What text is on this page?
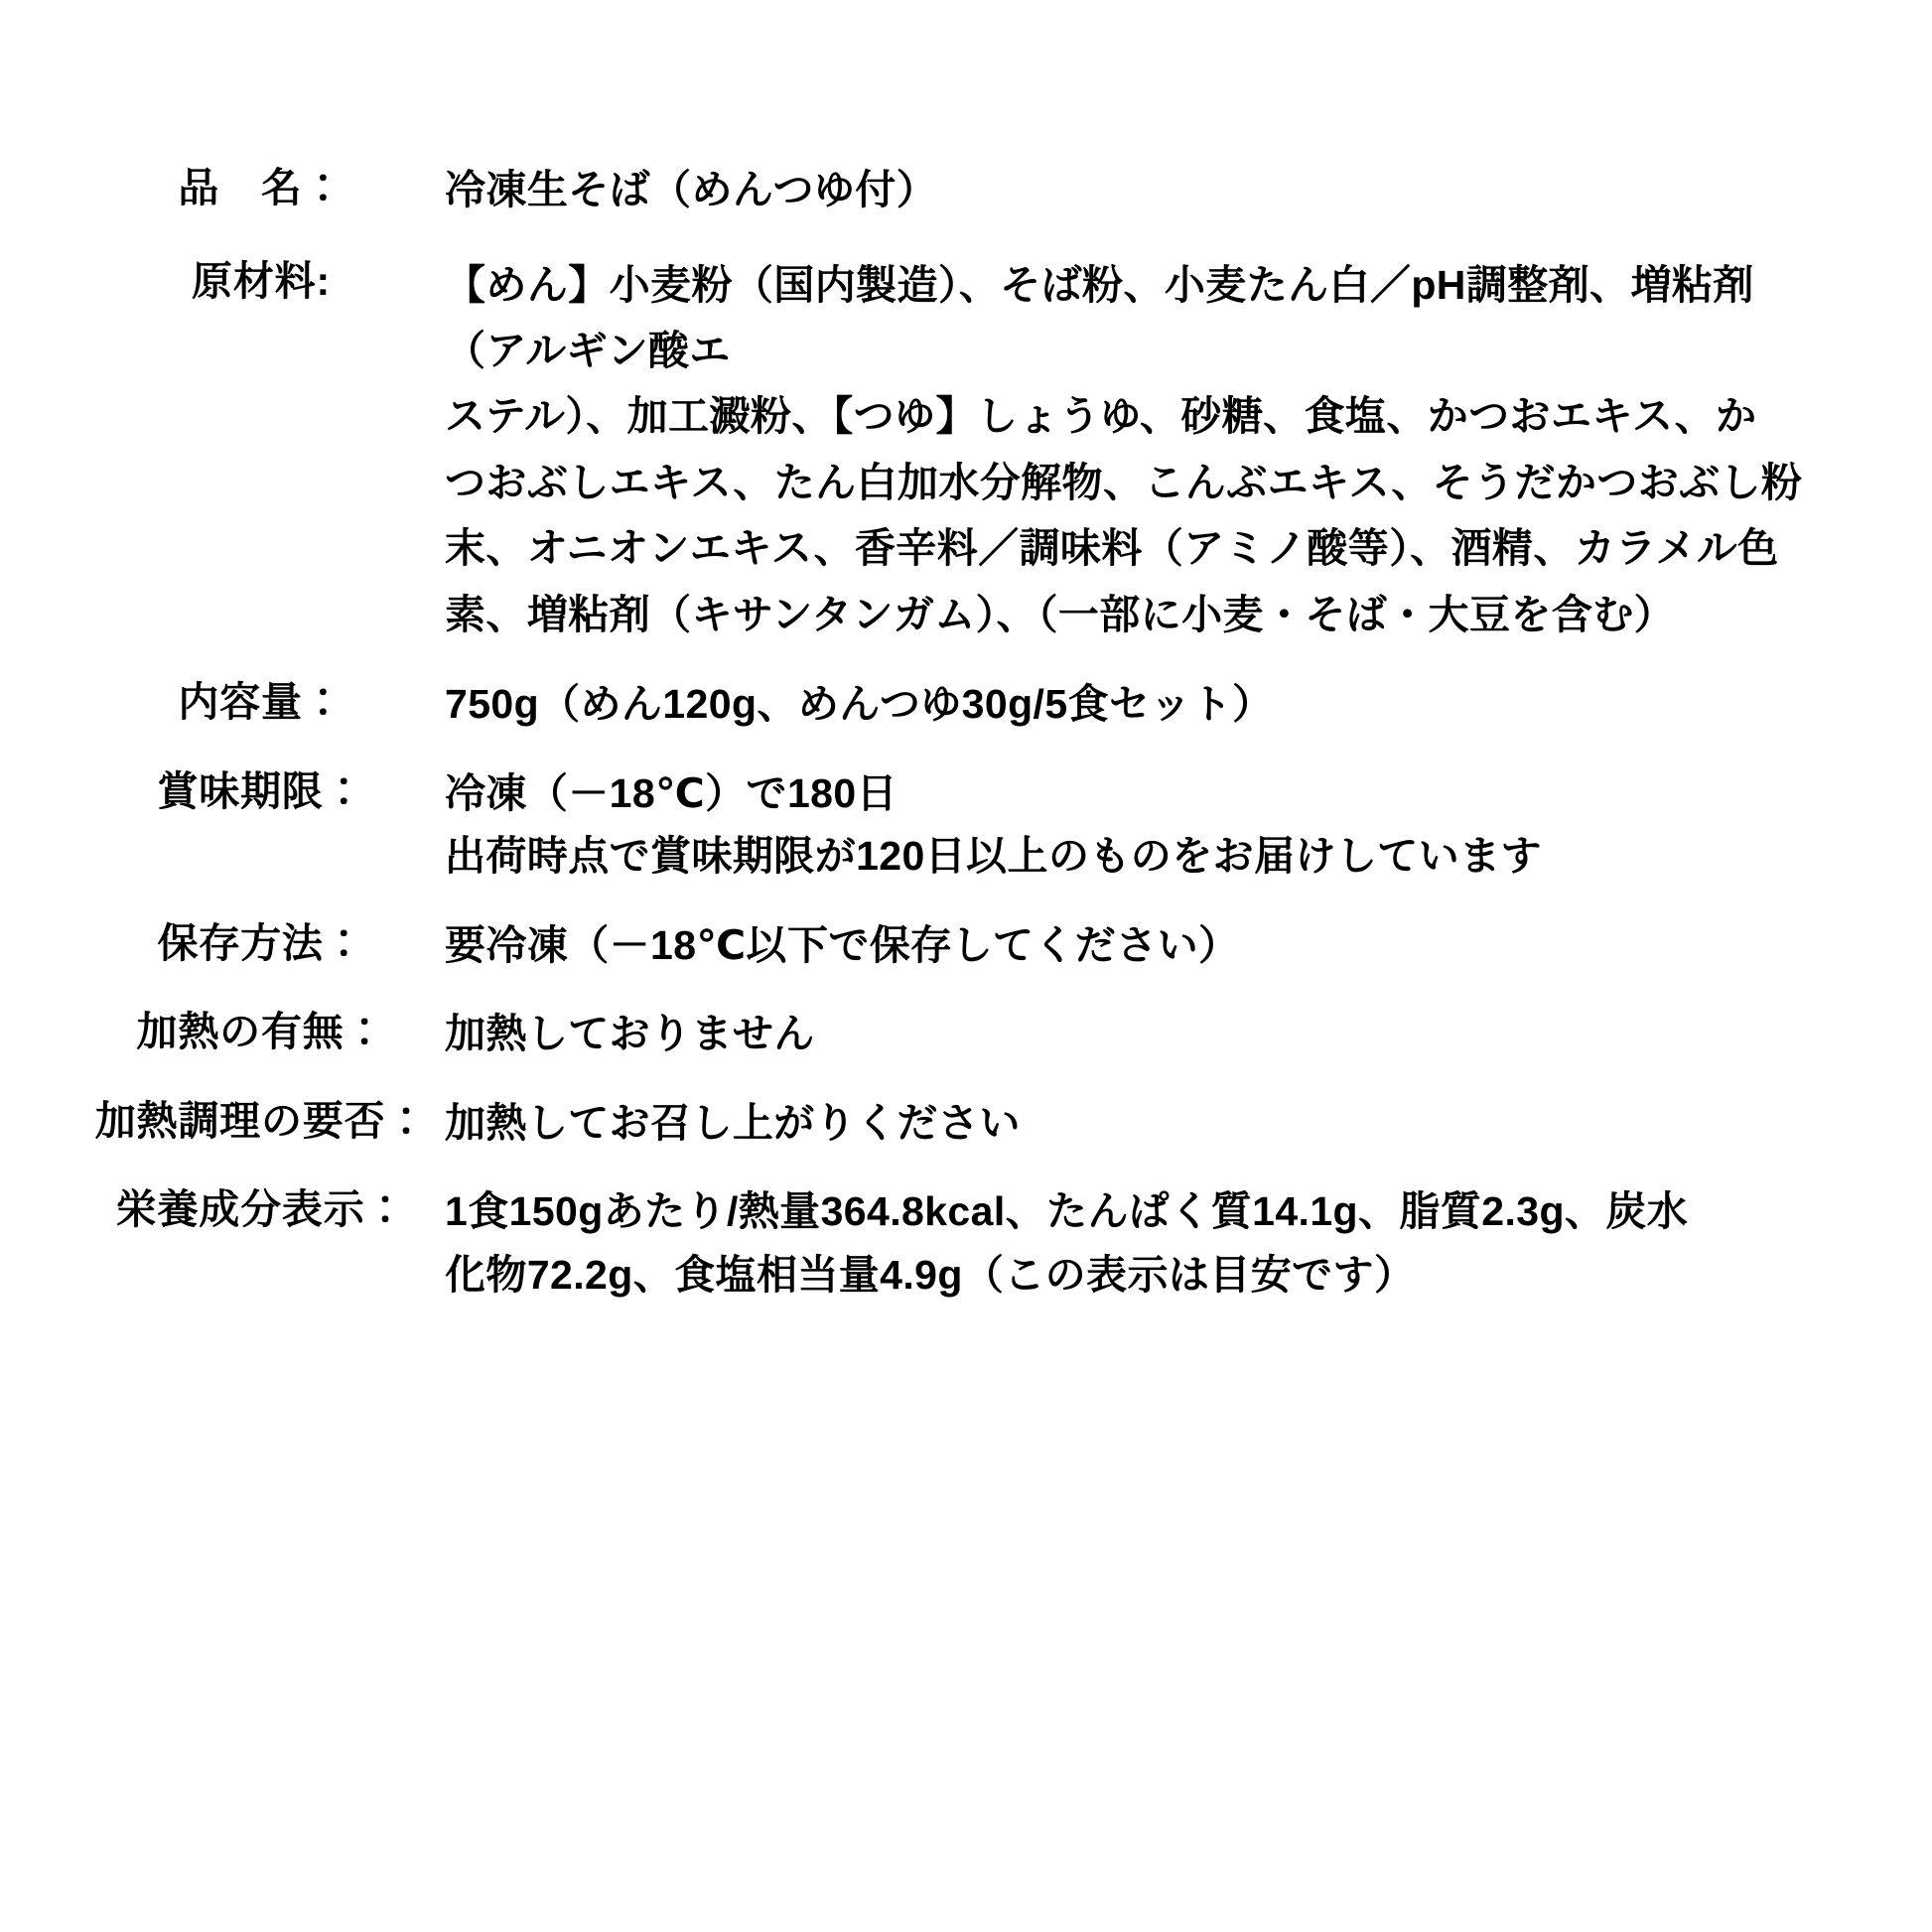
品　名：	冷凍生そば（めんつゆ付）

原材料:	【めん】小麦粉（国内製造）、そば粉、小麦たん白／pH調整剤、増粘剤
（アルギン酸エ
ステル）、加工澱粉、【つゆ】しょうゆ、砂糖、食塩、かつおエキス、か
つおぶしエキス、たん白加水分解物、こんぶエキス、そうだかつおぶし粉
末、オニオンエキス、香辛料／調味料（アミノ酸等）、酒精、カラメル色
素、増粘剤（キサンタンガム）、（一部に小麦・そば・大豆を含む）

内容量：	750g（めん120g、めんつゆ30g/5食セット）

賞味期限：	冷凍（－18℃）で180日
出荷時点で賞味期限が120日以上のものをお届けしています

保存方法：	要冷凍（－18℃以下で保存してください）

加熱の有無：	加熱しておりません

加熱調理の要否：	加熱してお召し上がりください

栄養成分表示：	1食150gあたり/熱量364.8kcal、たんぱく質14.1g、脂質2.3g、炭水
化物72.2g、食塩相当量4.9g（この表示は目安です）
